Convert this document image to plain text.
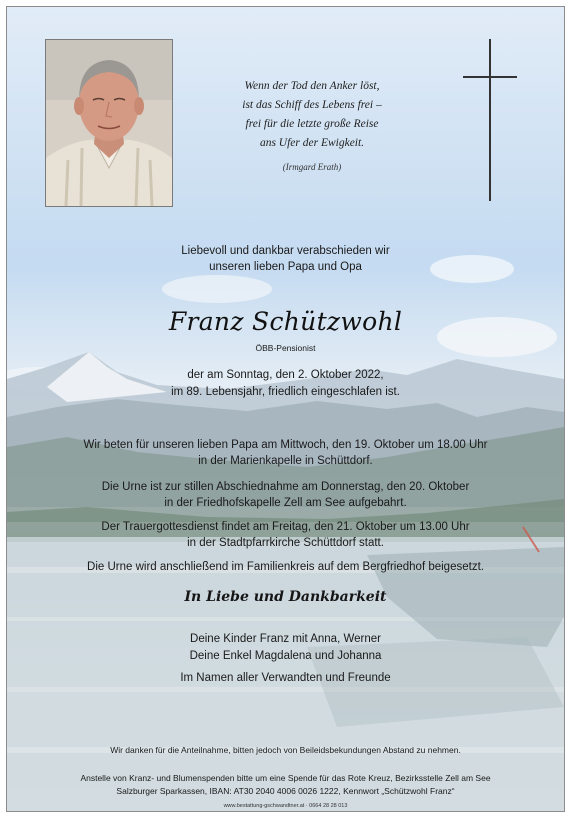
Wenn der Tod den Anker löst,
ist das Schiff des Lebens frei –
frei für die letzte große Reise
ans Ufer der Ewigkeit.
(Irmgard Erath)
Liebevoll und dankbar verabschieden wir
unseren lieben Papa und Opa
Franz Schützwohl
ÖBB-Pensionist
der am Sonntag, den 2. Oktober 2022,
im 89. Lebensjahr, friedlich eingeschlafen ist.
Wir beten für unseren lieben Papa am Mittwoch, den 19. Oktober um 18.00 Uhr
in der Marienkapelle in Schüttdorf.
Die Urne ist zur stillen Abschiednahme am Donnerstag, den 20. Oktober
in der Friedhofskapelle Zell am See aufgebahrt.
Der Trauergottesdienst findet am Freitag, den 21. Oktober um 13.00 Uhr
in der Stadtpfarrkirche Schüttdorf statt.
Die Urne wird anschließend im Familienkreis auf dem Bergfriedhof beigesetzt.
In Liebe und Dankbarkeit
Deine Kinder Franz mit Anna, Werner
Deine Enkel Magdalena und Johanna
Im Namen aller Verwandten und Freunde
Wir danken für die Anteilnahme, bitten jedoch von Beileidsbekundungen Abstand zu nehmen.
Anstelle von Kranz- und Blumenspenden bitte um eine Spende für das Rote Kreuz, Bezirksstelle Zell am See
Salzburger Sparkassen, IBAN: AT30 2040 4006 0026 1222, Kennwort „Schützwohl Franz“
www.bestattung-gschwandtner.at · 0664 28 28 013
